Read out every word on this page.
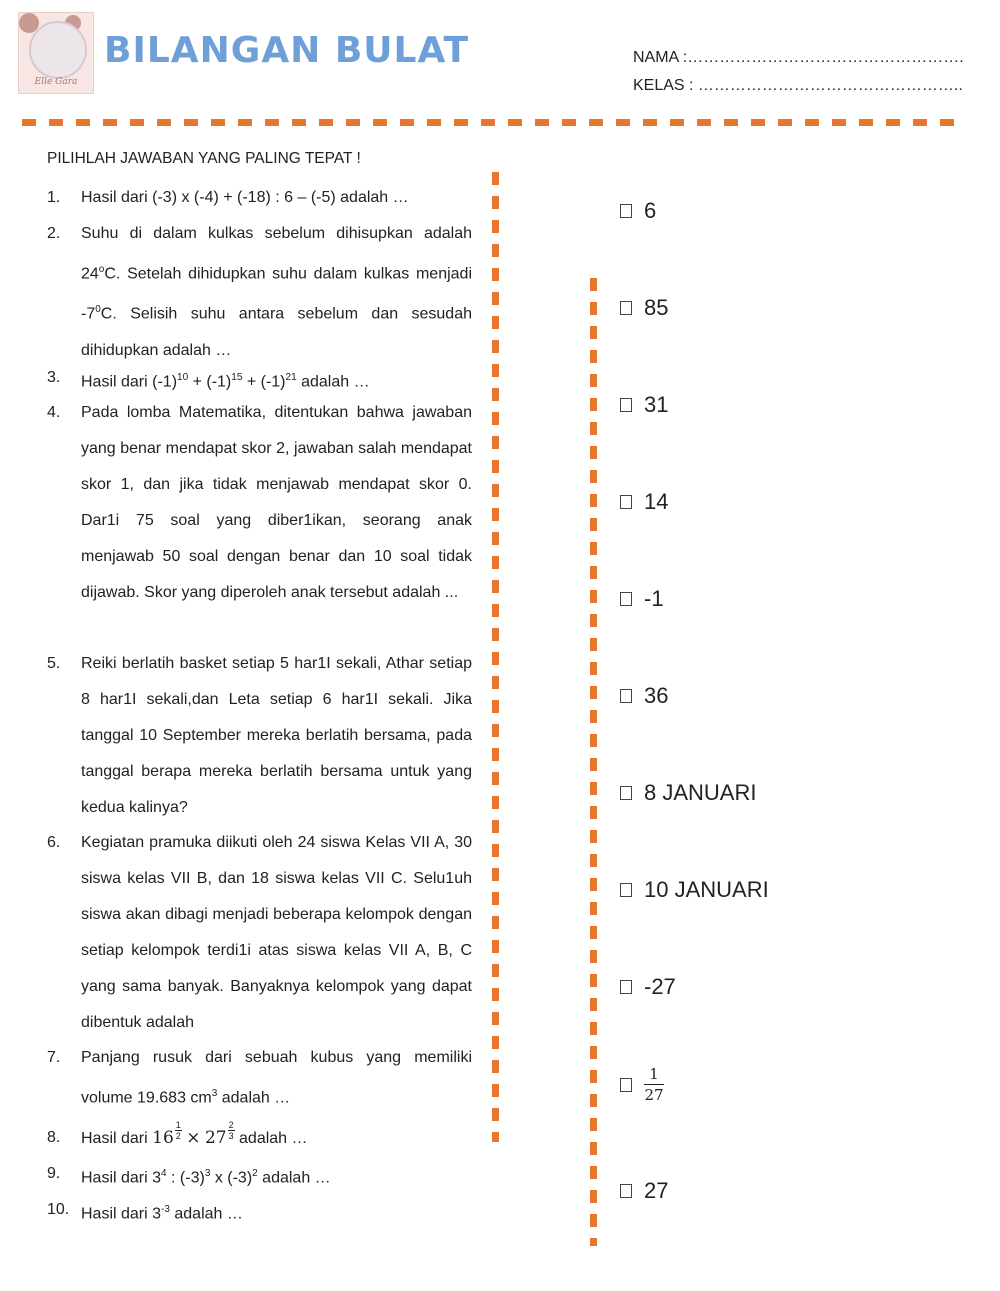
Elle Gara
BILANGAN BULAT	NAMA :…………………………………………….
KELAS : …………………………………………..
PILIHLAH JAWABAN YANG PALING TEPAT !
1. Hasil dari (-3) x (-4) + (-18) : 6 – (-5) adalah …
2. Suhu di dalam kulkas sebelum dihisupkan adalah 24$^o$C. Setelah dihidupkan suhu dalam kulkas menjadi $-7^0C$. Selisih suhu antara sebelum dan sesudah dihidupkan adalah …
3. Hasil dari $(-1)^{10} + (-1)^{15} + (-1)^{21}$ adalah …
4. Pada lomba Matematika, ditentukan bahwa jawaban yang benar mendapat skor 2, jawaban salah mendapat skor 1, dan jika tidak menjawab mendapat skor 0. Dar1i 75 soal yang diber1ikan, seorang anak menjawab 50 soal dengan benar dan 10 soal tidak dijawab. Skor yang diperoleh anak tersebut adalah ...
5. Reiki berlatih basket setiap 5 har1I sekali, Athar setiap 8 har1I sekali,dan Leta setiap 6 har1I sekali. Jika tanggal 10 September mereka berlatih bersama, pada tanggal berapa mereka berlatih bersama untuk yang kedua kalinya?
6. Kegiatan pramuka diikuti oleh 24 siswa Kelas VII A, 30 siswa kelas VII B, dan 18 siswa kelas VII C. Selu1uh siswa akan dibagi menjadi beberapa kelompok dengan setiap kelompok terdi1i atas siswa kelas VII A, B, C yang sama banyak. Banyaknya kelompok yang dapat dibentuk adalah
7. Panjang rusuk dari sebuah kubus yang memiliki volume 19.683 $cm^3$ adalah …
8. Hasil dari $16 \frac{1}{2} \times 27 \frac{2}{3}$ adalah …
9. Hasil dari $3^4$ : $(-3)^3$ x $(-3)^2$ adalah …
10. Hasil dari $3^{-3}$ adalah …
6
85
31
14
-1
36
8 JANUARI
10 JANUARI
-27
$\frac{1}{27}$
27
